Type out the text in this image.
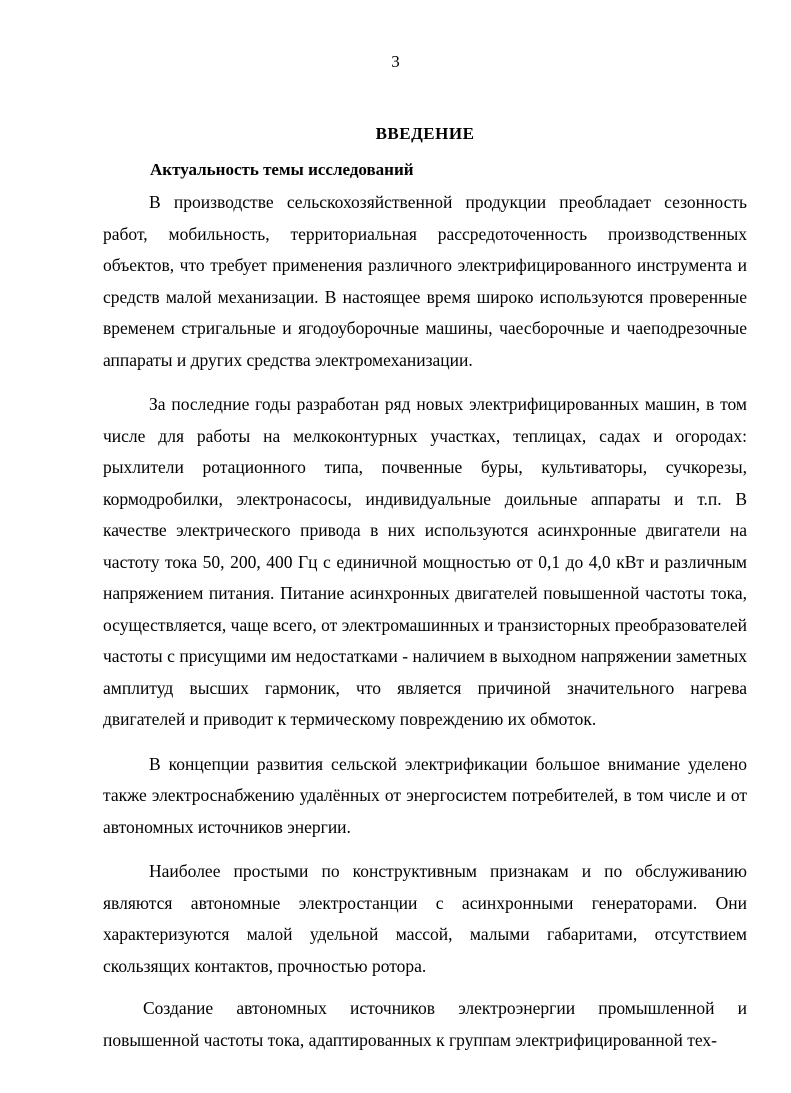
3
ВВЕДЕНИЕ
Актуальность темы исследований

В производстве сельскохозяйственной продукции преобладает сезонность работ, мобильность, территориальная рассредоточенность производственных объектов, что требует применения различного электрифицированного инструмента и средств малой механизации. В настоящее время широко используются проверенные временем стригальные и ягодоуборочные машины, чаесборочные и чаеподрезочные аппараты и других средства электромеханизации.

За последние годы разработан ряд новых электрифицированных машин, в том числе для работы на мелкоконтурных участках, теплицах, садах и огородах: рыхлители ротационного типа, почвенные буры, культиваторы, сучкорезы, кормодробилки, электронасосы, индивидуальные доильные аппараты и т.п. В качестве электрического привода в них используются асинхронные двигатели на частоту тока 50, 200, 400 Гц с единичной мощностью от 0,1 до 4,0 кВт и различным напряжением питания. Питание асинхронных двигателей повышенной частоты тока, осуществляется, чаще всего, от электромашинных и транзисторных преобразователей частоты с присущими им недостатками - наличием в выходном напряжении заметных амплитуд высших гармоник, что является причиной значительного нагрева двигателей и приводит к термическому повреждению их обмоток.

В концепции развития сельской электрификации большое внимание уделено также электроснабжению удалённых от энергосистем потребителей, в том числе и от автономных источников энергии.

Наиболее простыми по конструктивным признакам и по обслуживанию являются автономные электростанции с асинхронными генераторами. Они характеризуются малой удельной массой, малыми габаритами, отсутствием скользящих контактов, прочностью ротора.

Создание автономных источников электроэнергии промышленной и повышенной частоты тока, адаптированных к группам электрифицированной тех-
